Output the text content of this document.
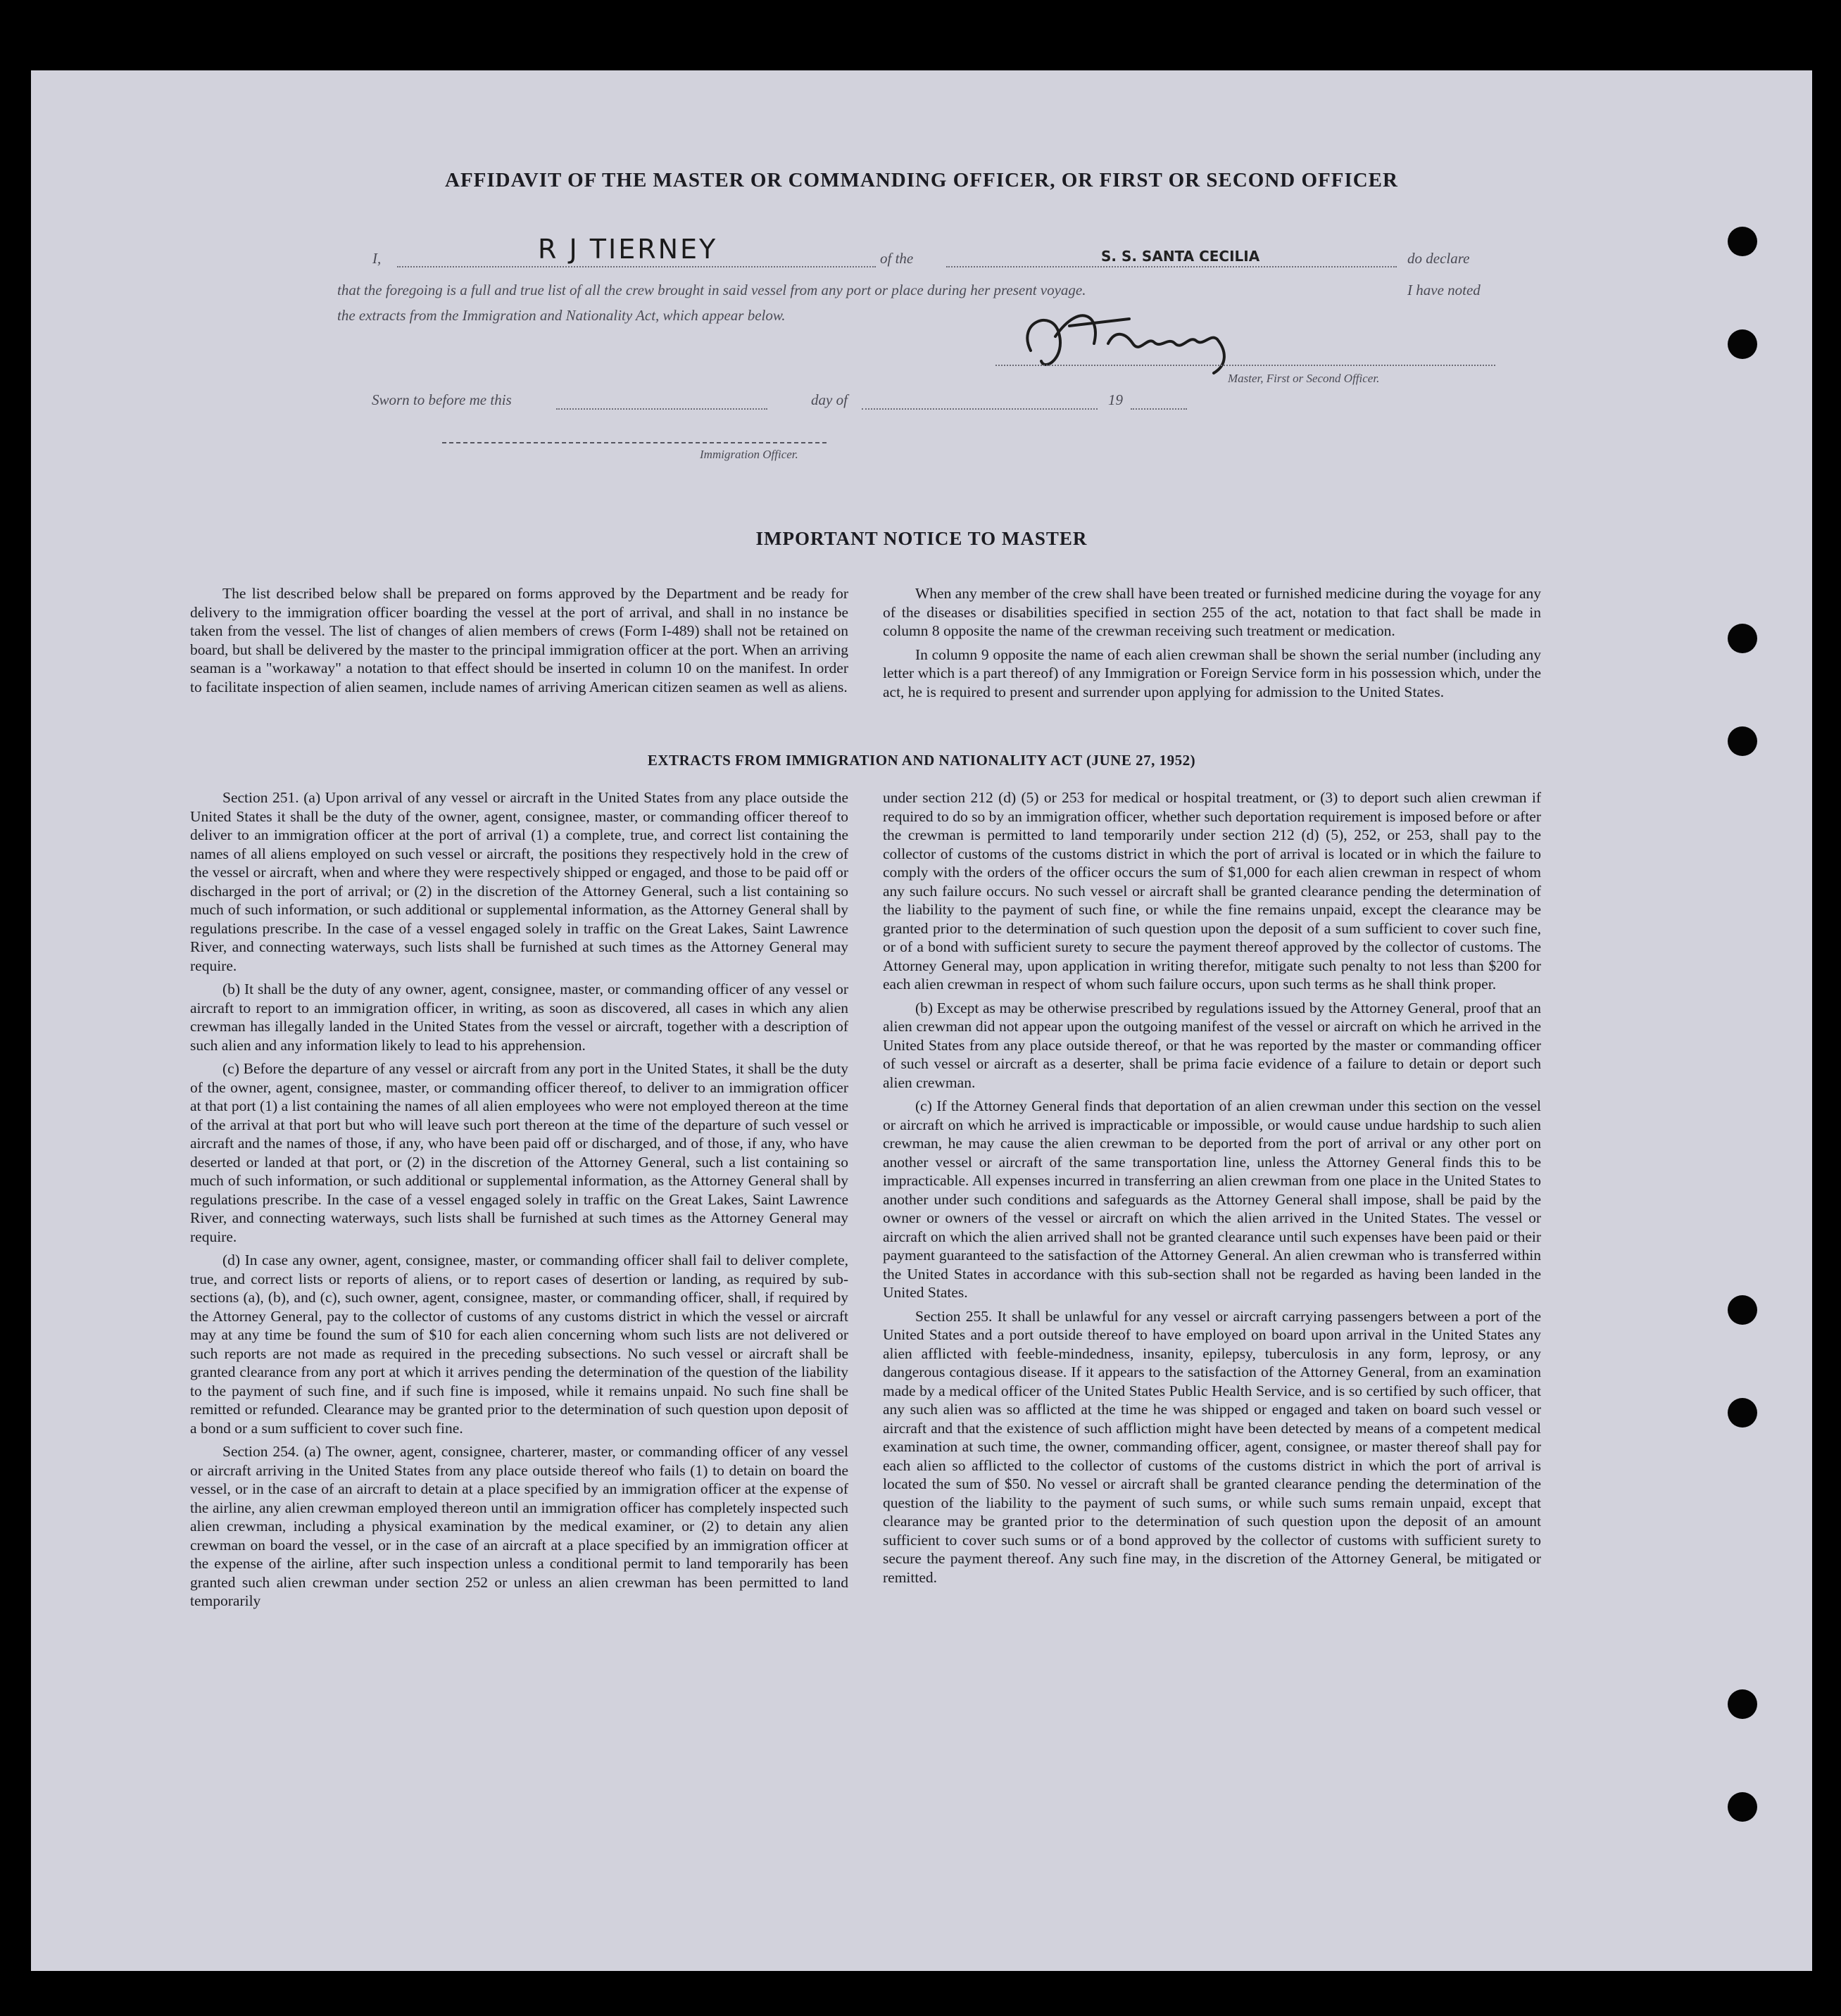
AFFIDAVIT OF THE MASTER OR COMMANDING OFFICER, OR FIRST OR SECOND OFFICER
I,	R J TIERNEY	of the	S. S. SANTA CECILIA	do declare
that the foregoing is a full and true list of all the crew brought in said vessel from any port or place during her present voyage.	I have noted
the extracts from the Immigration and Nationality Act, which appear below.
Master, First or Second Officer.
Sworn to before me this	day of	19
Immigration Officer.
IMPORTANT NOTICE TO MASTER

The list described below shall be prepared on forms approved by the Department and be ready for delivery to the immigration officer boarding the vessel at the port of arrival, and shall in no instance be taken from the vessel. The list of changes of alien members of crews (Form I-489) shall not be retained on board, but shall be delivered by the master to the principal immigration officer at the port. When an arriving seaman is a "workaway" a notation to that effect should be inserted in column 10 on the manifest. In order to facilitate inspection of alien seamen, include names of arriving American citizen seamen as well as aliens.

When any member of the crew shall have been treated or furnished medicine during the voyage for any of the diseases or disabilities specified in section 255 of the act, notation to that fact shall be made in column 8 opposite the name of the crewman receiving such treatment or medication.

In column 9 opposite the name of each alien crewman shall be shown the serial number (including any letter which is a part thereof) of any Immigration or Foreign Service form in his possession which, under the act, he is required to present and surrender upon applying for admission to the United States.

EXTRACTS FROM IMMIGRATION AND NATIONALITY ACT (JUNE 27, 1952)

Section 251. (a) Upon arrival of any vessel or aircraft in the United States from any place outside the United States it shall be the duty of the owner, agent, consignee, master, or commanding officer thereof to deliver to an immigration officer at the port of arrival (1) a complete, true, and correct list containing the names of all aliens employed on such vessel or aircraft, the positions they respectively hold in the crew of the vessel or aircraft, when and where they were respectively shipped or engaged, and those to be paid off or discharged in the port of arrival; or (2) in the discretion of the Attorney General, such a list containing so much of such information, or such additional or supplemental information, as the Attorney General shall by regulations prescribe. In the case of a vessel engaged solely in traffic on the Great Lakes, Saint Lawrence River, and connecting waterways, such lists shall be furnished at such times as the Attorney General may require.

(b) It shall be the duty of any owner, agent, consignee, master, or commanding officer of any vessel or aircraft to report to an immigration officer, in writing, as soon as discovered, all cases in which any alien crewman has illegally landed in the United States from the vessel or aircraft, together with a description of such alien and any information likely to lead to his apprehension.

(c) Before the departure of any vessel or aircraft from any port in the United States, it shall be the duty of the owner, agent, consignee, master, or commanding officer thereof, to deliver to an immigration officer at that port (1) a list containing the names of all alien employees who were not employed thereon at the time of the arrival at that port but who will leave such port thereon at the time of the departure of such vessel or aircraft and the names of those, if any, who have been paid off or discharged, and of those, if any, who have deserted or landed at that port, or (2) in the discretion of the Attorney General, such a list containing so much of such information, or such additional or supplemental information, as the Attorney General shall by regulations prescribe. In the case of a vessel engaged solely in traffic on the Great Lakes, Saint Lawrence River, and connecting waterways, such lists shall be furnished at such times as the Attorney General may require.

(d) In case any owner, agent, consignee, master, or commanding officer shall fail to deliver complete, true, and correct lists or reports of aliens, or to report cases of desertion or landing, as required by sub-sections (a), (b), and (c), such owner, agent, consignee, master, or commanding officer, shall, if required by the Attorney General, pay to the collector of customs of any customs district in which the vessel or aircraft may at any time be found the sum of $10 for each alien concerning whom such lists are not delivered or such reports are not made as required in the preceding subsections. No such vessel or aircraft shall be granted clearance from any port at which it arrives pending the determination of the question of the liability to the payment of such fine, and if such fine is imposed, while it remains unpaid. No such fine shall be remitted or refunded. Clearance may be granted prior to the determination of such question upon deposit of a bond or a sum sufficient to cover such fine.

Section 254. (a) The owner, agent, consignee, charterer, master, or commanding officer of any vessel or aircraft arriving in the United States from any place outside thereof who fails (1) to detain on board the vessel, or in the case of an aircraft to detain at a place specified by an immigration officer at the expense of the airline, any alien crewman employed thereon until an immigration officer has completely inspected such alien crewman, including a physical examination by the medical examiner, or (2) to detain any alien crewman on board the vessel, or in the case of an aircraft at a place specified by an immigration officer at the expense of the airline, after such inspection unless a conditional permit to land temporarily has been granted such alien crewman under section 252 or unless an alien crewman has been permitted to land temporarily

under section 212 (d) (5) or 253 for medical or hospital treatment, or (3) to deport such alien crewman if required to do so by an immigration officer, whether such deportation requirement is imposed before or after the crewman is permitted to land temporarily under section 212 (d) (5), 252, or 253, shall pay to the collector of customs of the customs district in which the port of arrival is located or in which the failure to comply with the orders of the officer occurs the sum of $1,000 for each alien crewman in respect of whom any such failure occurs. No such vessel or aircraft shall be granted clearance pending the determination of the liability to the payment of such fine, or while the fine remains unpaid, except the clearance may be granted prior to the determination of such question upon the deposit of a sum sufficient to cover such fine, or of a bond with sufficient surety to secure the payment thereof approved by the collector of customs. The Attorney General may, upon application in writing therefor, mitigate such penalty to not less than $200 for each alien crewman in respect of whom such failure occurs, upon such terms as he shall think proper.

(b) Except as may be otherwise prescribed by regulations issued by the Attorney General, proof that an alien crewman did not appear upon the outgoing manifest of the vessel or aircraft on which he arrived in the United States from any place outside thereof, or that he was reported by the master or commanding officer of such vessel or aircraft as a deserter, shall be prima facie evidence of a failure to detain or deport such alien crewman.

(c) If the Attorney General finds that deportation of an alien crewman under this section on the vessel or aircraft on which he arrived is impracticable or impossible, or would cause undue hardship to such alien crewman, he may cause the alien crewman to be deported from the port of arrival or any other port on another vessel or aircraft of the same transportation line, unless the Attorney General finds this to be impracticable. All expenses incurred in transferring an alien crewman from one place in the United States to another under such conditions and safeguards as the Attorney General shall impose, shall be paid by the owner or owners of the vessel or aircraft on which the alien arrived in the United States. The vessel or aircraft on which the alien arrived shall not be granted clearance until such expenses have been paid or their payment guaranteed to the satisfaction of the Attorney General. An alien crewman who is transferred within the United States in accordance with this sub-section shall not be regarded as having been landed in the United States.

Section 255. It shall be unlawful for any vessel or aircraft carrying passengers between a port of the United States and a port outside thereof to have employed on board upon arrival in the United States any alien afflicted with feeble-mindedness, insanity, epilepsy, tuberculosis in any form, leprosy, or any dangerous contagious disease. If it appears to the satisfaction of the Attorney General, from an examination made by a medical officer of the United States Public Health Service, and is so certified by such officer, that any such alien was so afflicted at the time he was shipped or engaged and taken on board such vessel or aircraft and that the existence of such affliction might have been detected by means of a competent medical examination at such time, the owner, commanding officer, agent, consignee, or master thereof shall pay for each alien so afflicted to the collector of customs of the customs district in which the port of arrival is located the sum of $50. No vessel or aircraft shall be granted clearance pending the determination of the question of the liability to the payment of such sums, or while such sums remain unpaid, except that clearance may be granted prior to the determination of such question upon the deposit of an amount sufficient to cover such sums or of a bond approved by the collector of customs with sufficient surety to secure the payment thereof. Any such fine may, in the discretion of the Attorney General, be mitigated or remitted.
